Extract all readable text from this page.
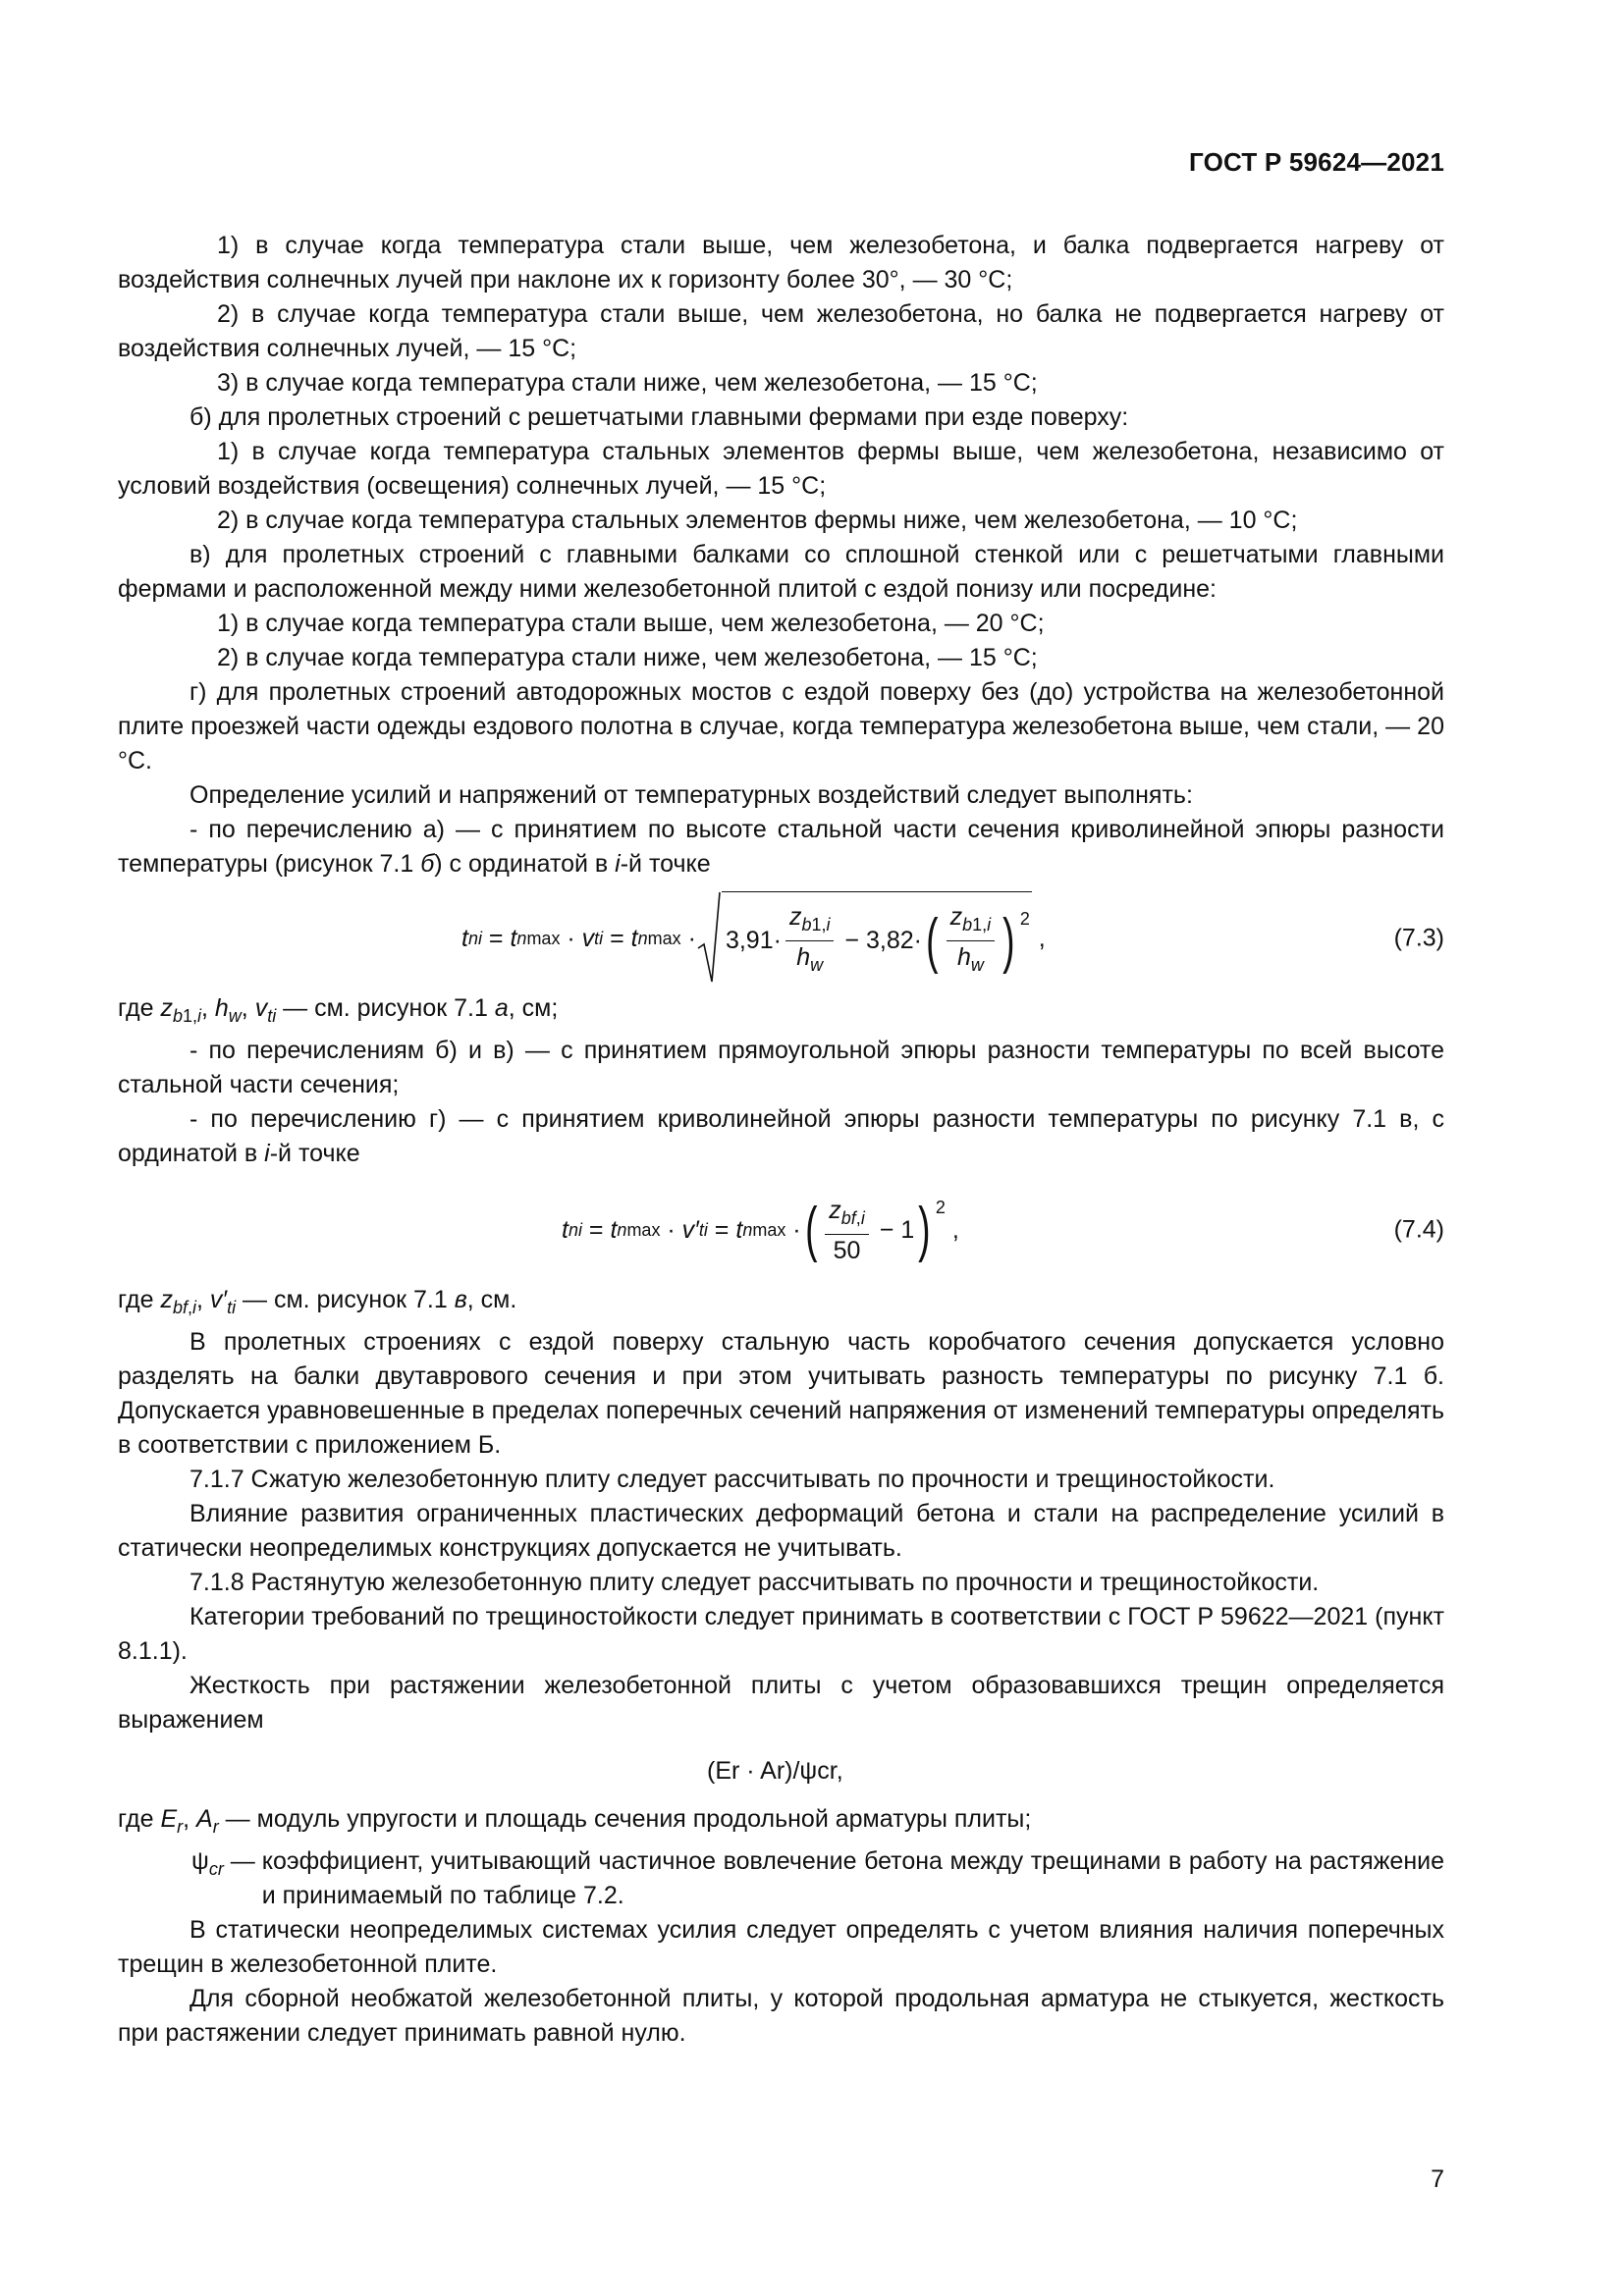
ГОСТ Р 59624—2021

1) в случае когда температура стали выше, чем железобетона, и балка подвергается нагреву от воздействия солнечных лучей при наклоне их к горизонту более 30°, — 30 °С;

2) в случае когда температура стали выше, чем железобетона, но балка не подвергается нагреву от воздействия солнечных лучей, — 15 °С;

3) в случае когда температура стали ниже, чем железобетона, — 15 °С;

б) для пролетных строений с решетчатыми главными фермами при езде поверху:

1) в случае когда температура стальных элементов фермы выше, чем железобетона, независимо от условий воздействия (освещения) солнечных лучей, — 15 °С;

2) в случае когда температура стальных элементов фермы ниже, чем железобетона, — 10 °С;

в) для пролетных строений с главными балками со сплошной стенкой или с решетчатыми главными фермами и расположенной между ними железобетонной плитой с ездой понизу или посредине:

1) в случае когда температура стали выше, чем железобетона, — 20 °С;

2) в случае когда температура стали ниже, чем железобетона, — 15 °С;

г) для пролетных строений автодорожных мостов с ездой поверху без (до) устройства на железобетонной плите проезжей части одежды ездового полотна в случае, когда температура железобетона выше, чем стали, — 20 °С.

Определение усилий и напряжений от температурных воздействий следует выполнять:

- по перечислению а) — с принятием по высоте стальной части сечения криволинейной эпюры разности температуры (рисунок 7.1 б) с ординатой в i-й точке

t ni = t nmax · v ti = t $nmax \cdot 3,91 \cdot \frac{z_{b1,i}}{h_w} - 3,82$ · ( $\frac{z_{b1,i}}{h_w}$ ) 2
,	(7.3)

где $z_{b1,i}$, $h_w$, $v_{ti}$ — см. рисунок 7.1 а, см;

- по перечислениям б) и в) — с принятием прямоугольной эпюры разности температуры по всей высоте стальной части сечения;

- по перечислению г) — с принятием криволинейной эпюры разности температуры по рисунку 7.1 в, с ординатой в i-й точке

t ni = t nmax · v′ ti = t nmax · ( $\frac{z_{bf,i}}{50} - 1$ ) 2
,	(7.4)

где $z_{bf,i}$, $v'_{ti}$ — см. рисунок 7.1 в, см.

В пролетных строениях с ездой поверху стальную часть коробчатого сечения допускается условно разделять на балки двутаврового сечения и при этом учитывать разность температуры по рисунку 7.1 б. Допускается уравновешенные в пределах поперечных сечений напряжения от изменений температуры определять в соответствии с приложением Б.

7.1.7 Сжатую железобетонную плиту следует рассчитывать по прочности и трещиностойкости.

Влияние развития ограниченных пластических деформаций бетона и стали на распределение усилий в статически неопределимых конструкциях допускается не учитывать.

7.1.8 Растянутую железобетонную плиту следует рассчитывать по прочности и трещиностойкости.

Категории требований по трещиностойкости следует принимать в соответствии с ГОСТ Р 59622—2021 (пункт 8.1.1).

Жесткость при растяжении железобетонной плиты с учетом образовавшихся трещин определяется выражением

(Er · Ar)/ψcr,
где $E_r$, $A_r$ — модуль упругости и площадь сечения продольной арматуры плиты;
$\psi_{cr}$ — коэффициент, учитывающий частичное вовлечение бетона между трещинами в работу на растяжение и принимаемый по таблице 7.2.

В статически неопределимых системах усилия следует определять с учетом влияния наличия поперечных трещин в железобетонной плите.

Для сборной необжатой железобетонной плиты, у которой продольная арматура не стыкуется, жесткость при растяжении следует принимать равной нулю.

7
